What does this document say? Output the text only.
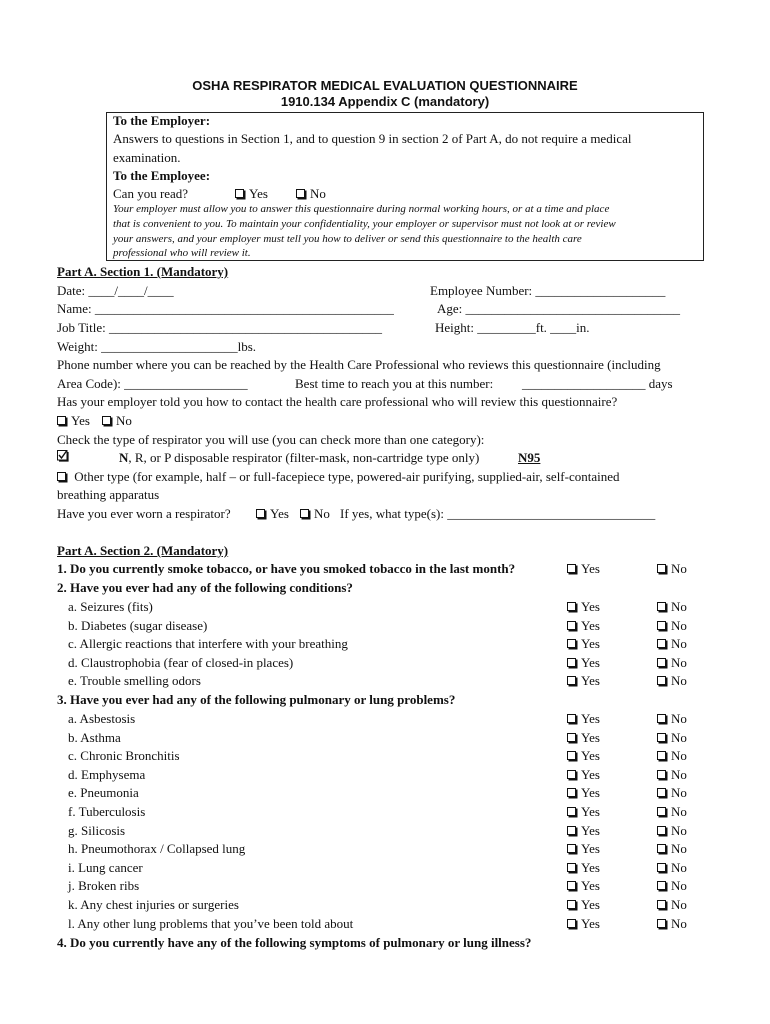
OSHA RESPIRATOR MEDICAL EVALUATION QUESTIONNAIRE
1910.134 Appendix C (mandatory)
To the Employer:
Answers to questions in Section 1, and to question 9 in section 2 of Part A, do not require a medical
examination.
To the Employee:
Can you read?	Yes	No
Your employer must allow you to answer this questionnaire during normal working hours, or at a time and place
that is convenient to you. To maintain your confidentiality, your employer or supervisor must not look at or review
your answers, and your employer must tell you how to deliver or send this questionnaire to the health care
professional who will review it.
Part A. Section 1. (Mandatory)
Date: ____/____/____	Employee Number: ____________________
Name: ______________________________________________	Age: _________________________________
Job Title: __________________________________________	Height: _________ft. ____in.
Weight: _____________________lbs.
Phone number where you can be reached by the Health Care Professional who reviews this questionnaire (including
Area Code): ___________________	Best time to reach you at this number: ___________________ days
Has your employer told you how to contact the health care professional who will review this questionnaire?
Yes	No
Check the type of respirator you will use (you can check more than one category):
N, R, or P disposable respirator (filter-mask, non-cartridge type only)	N95
Other type (for example, half – or full-facepiece type, powered-air purifying, supplied-air, self-contained
breathing apparatus
Have you ever worn a respirator?	Yes	No If yes, what type(s): ________________________________
Part A. Section 2. (Mandatory)
1. Do you currently smoke tobacco, or have you smoked tobacco in the last month?	Yes	No
2. Have you ever had any of the following conditions?
a. Seizures (fits)	Yes	No
b. Diabetes (sugar disease)	Yes	No
c. Allergic reactions that interfere with your breathing	Yes	No
d. Claustrophobia (fear of closed-in places)	Yes	No
e. Trouble smelling odors	Yes	No
3. Have you ever had any of the following pulmonary or lung problems?
a. Asbestosis	Yes	No
b. Asthma	Yes	No
c. Chronic Bronchitis	Yes	No
d. Emphysema	Yes	No
e. Pneumonia	Yes	No
f. Tuberculosis	Yes	No
g. Silicosis	Yes	No
h. Pneumothorax / Collapsed lung	Yes	No
i. Lung cancer	Yes	No
j. Broken ribs	Yes	No
k. Any chest injuries or surgeries	Yes	No
l. Any other lung problems that you’ve been told about	Yes	No
4. Do you currently have any of the following symptoms of pulmonary or lung illness?
